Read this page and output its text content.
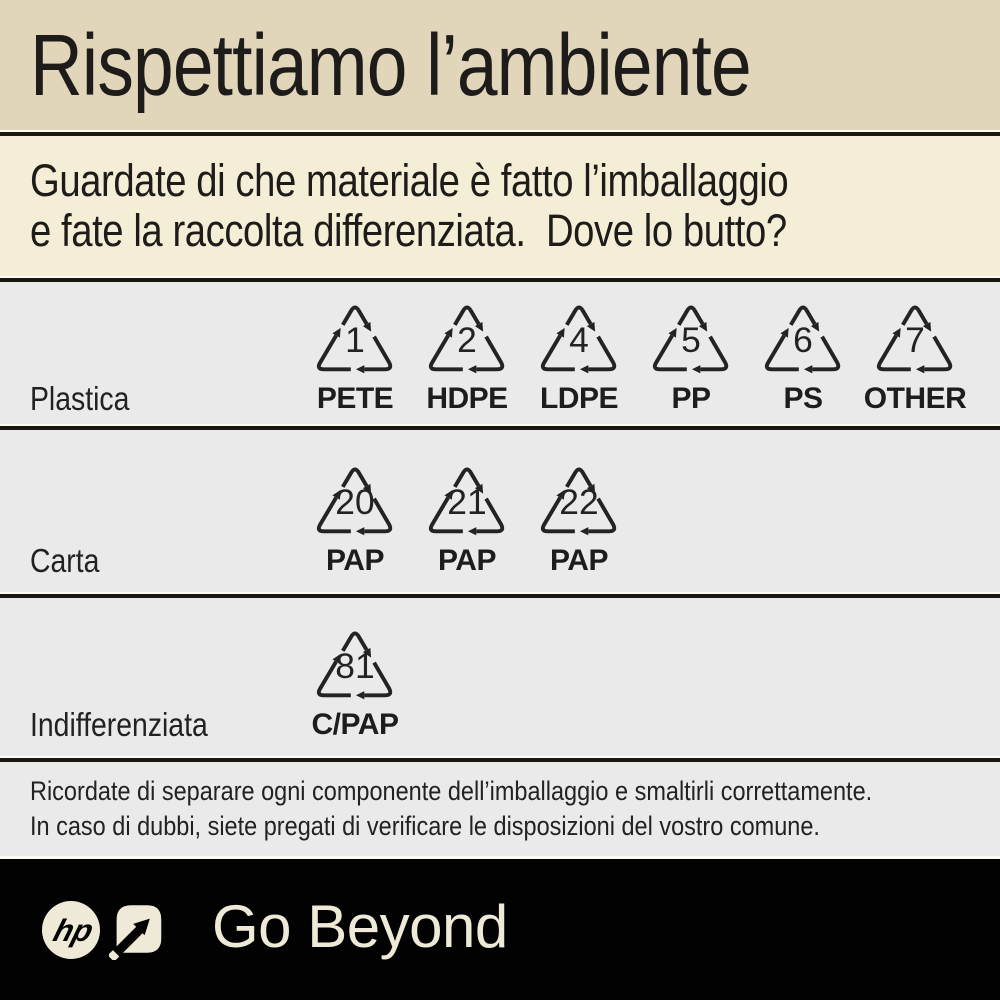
Rispettiamo l’ambiente
Guardate di che materiale è fatto l’imballaggio
e fate la raccolta differenziata.  Dove lo butto?
Plastica
1
PETE
2
HDPE
4
LDPE
5
PP
6
PS
7
OTHER
Carta
20
PAP
21
PAP
22
PAP
Indifferenziata
81
C/PAP
Ricordate di separare ogni componente dell’imballaggio e smaltirli correttamente.
In caso di dubbi, siete pregati di verificare le disposizioni del vostro comune.
hp Go Beyond
